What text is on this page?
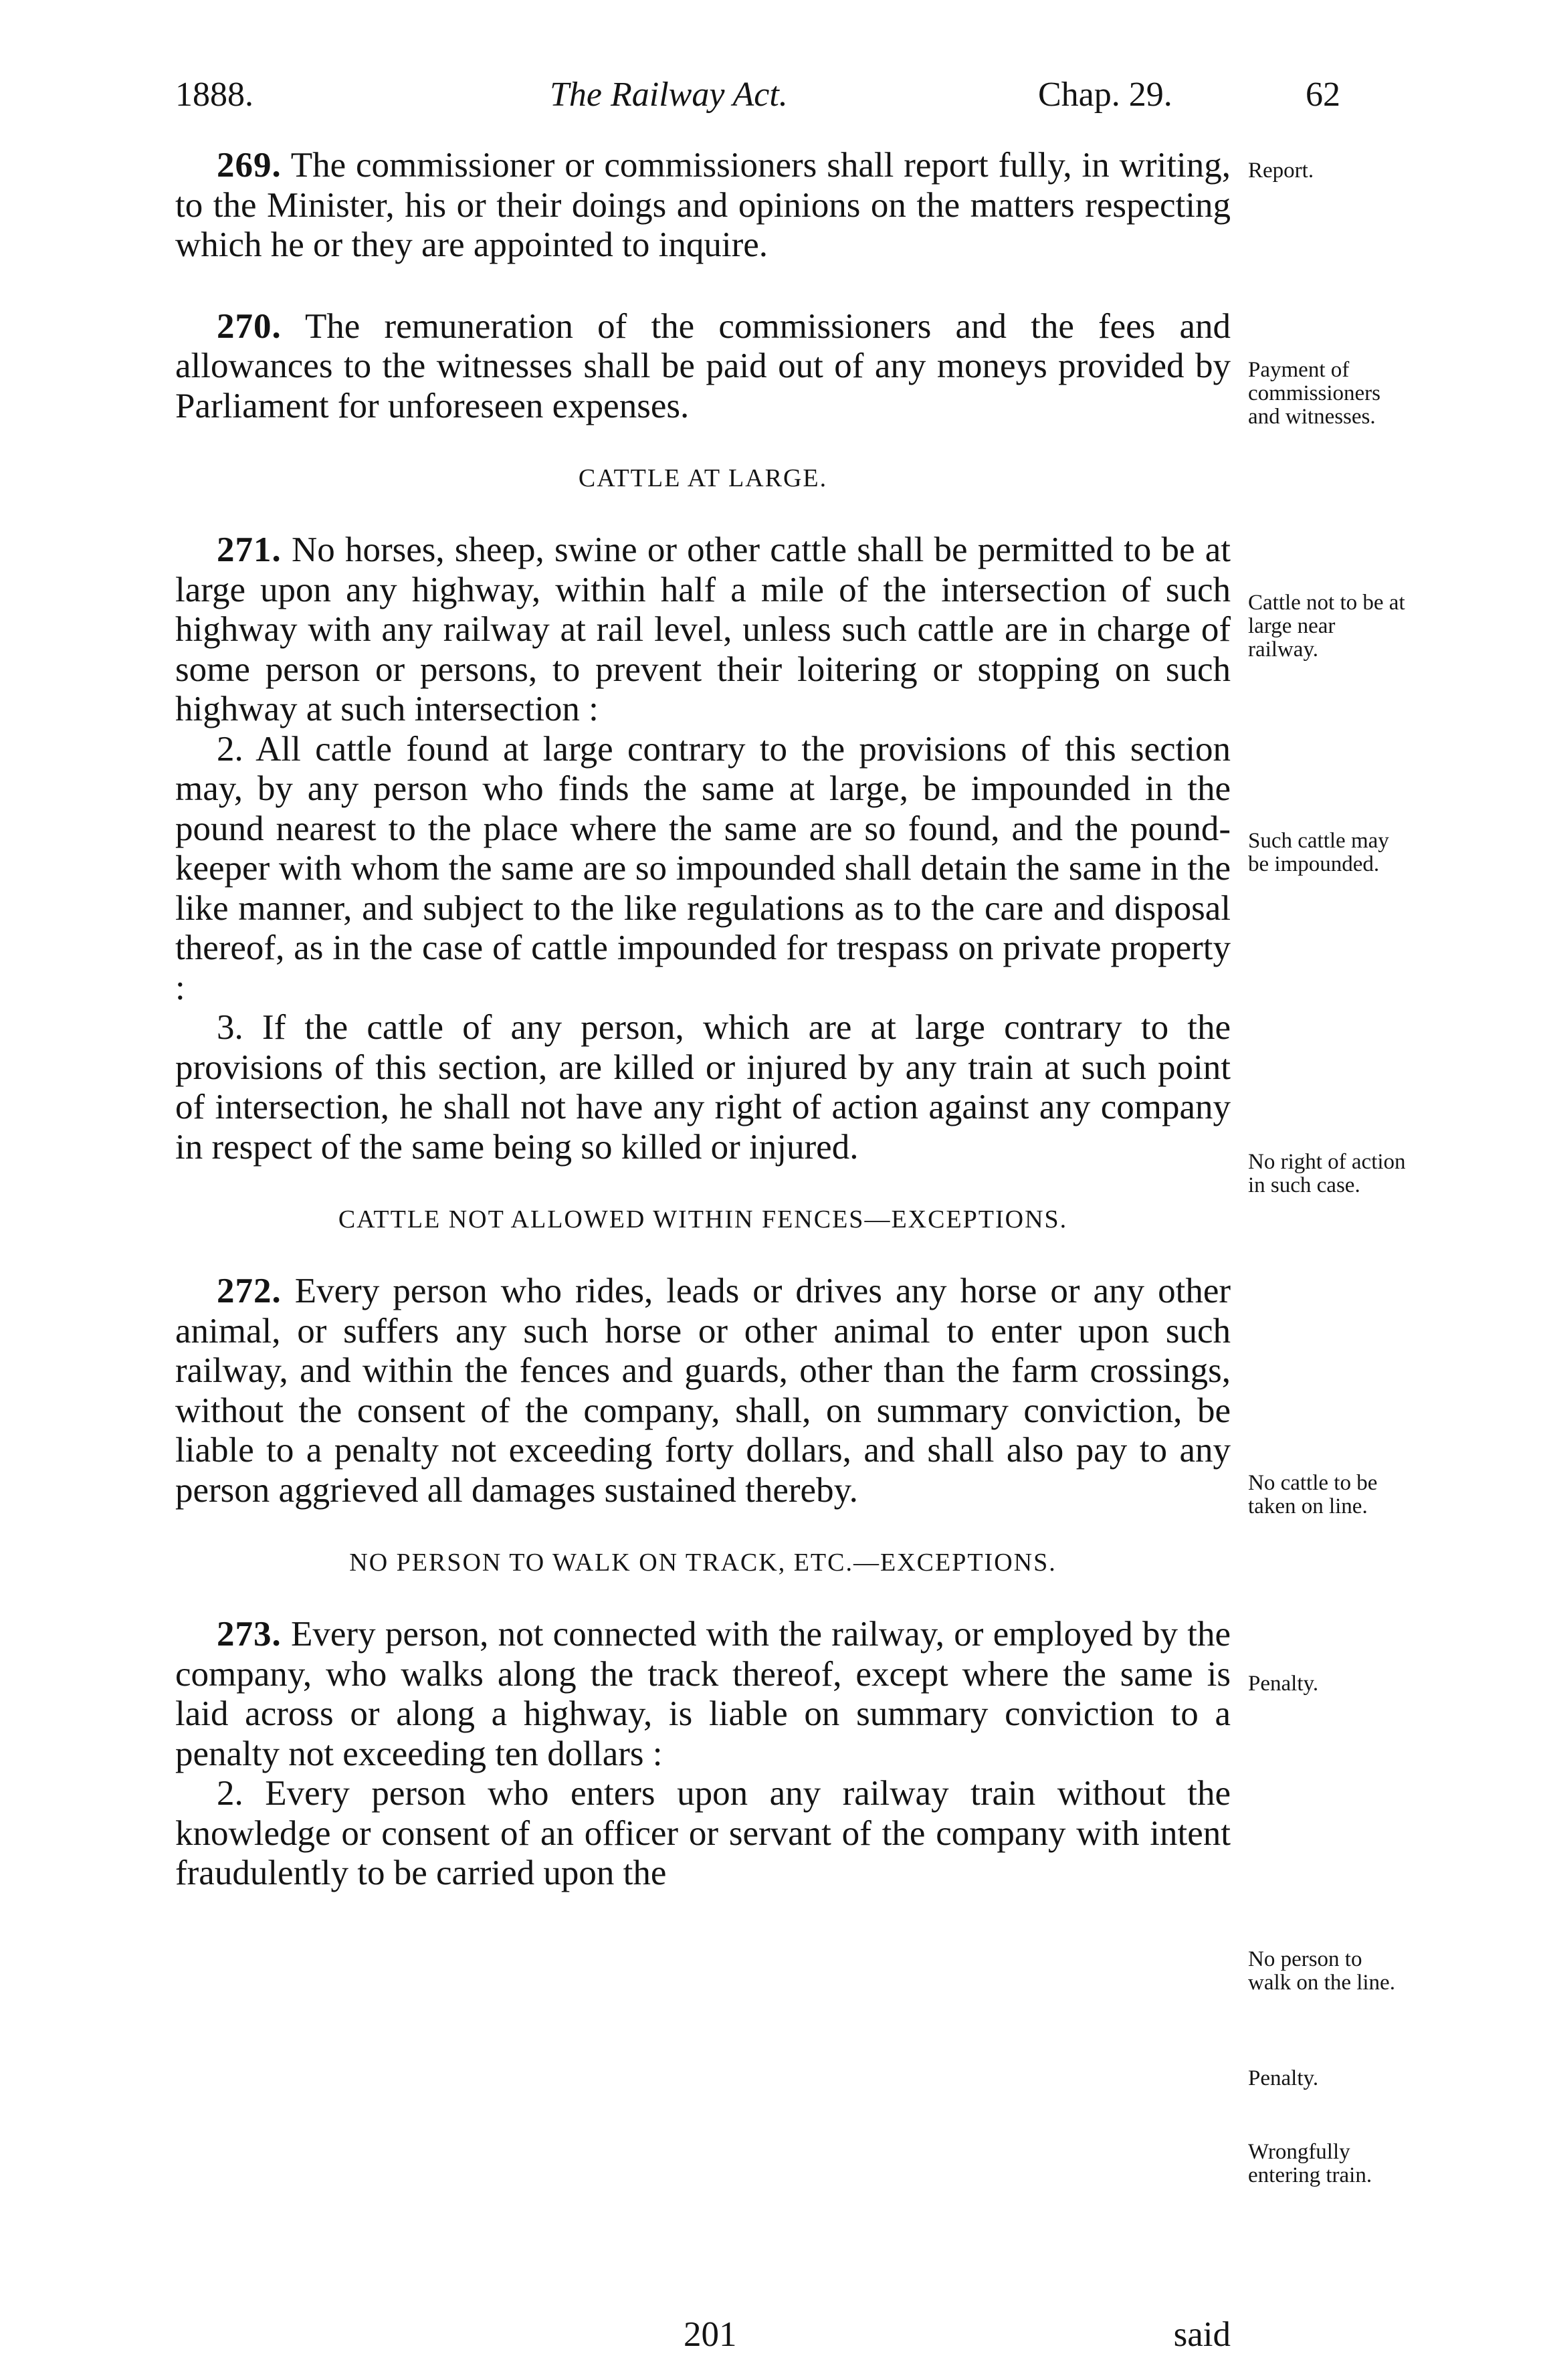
1888.	The Railway Act.	Chap. 29.	62

269. The commissioner or commissioners shall report fully, in writing, to the Minister, his or their doings and opinions on the matters respecting which he or they are appointed to inquire.

270. The remuneration of the commissioners and the fees and allowances to the witnesses shall be paid out of any moneys provided by Parliament for unforeseen expenses.

CATTLE AT LARGE.

271. No horses, sheep, swine or other cattle shall be permitted to be at large upon any highway, within half a mile of the intersection of such highway with any railway at rail level, unless such cattle are in charge of some person or persons, to prevent their loitering or stopping on such highway at such intersection :

2. All cattle found at large contrary to the provisions of this section may, by any person who finds the same at large, be impounded in the pound nearest to the place where the same are so found, and the pound-keeper with whom the same are so impounded shall detain the same in the like manner, and subject to the like regulations as to the care and disposal thereof, as in the case of cattle impounded for trespass on private property :

3. If the cattle of any person, which are at large contrary to the provisions of this section, are killed or injured by any train at such point of intersection, he shall not have any right of action against any company in respect of the same being so killed or injured.

CATTLE NOT ALLOWED WITHIN FENCES—EXCEPTIONS.

272. Every person who rides, leads or drives any horse or any other animal, or suffers any such horse or other animal to enter upon such railway, and within the fences and guards, other than the farm crossings, without the consent of the company, shall, on summary conviction, be liable to a penalty not exceeding forty dollars, and shall also pay to any person aggrieved all damages sustained thereby.

NO PERSON TO WALK ON TRACK, ETC.—EXCEPTIONS.

273. Every person, not connected with the railway, or employed by the company, who walks along the track thereof, except where the same is laid across or along a highway, is liable on summary conviction to a penalty not exceeding ten dollars :

2. Every person who enters upon any railway train without the knowledge or consent of an officer or servant of the company with intent fraudulently to be carried upon the

Report.
Payment of commissioners and witnesses.
Cattle not to be at large near railway.
Such cattle may be impounded.
No right of action in such case.
No cattle to be taken on line.
Penalty.
No person to walk on the line.
Penalty.
Wrongfully entering train.
201	said
